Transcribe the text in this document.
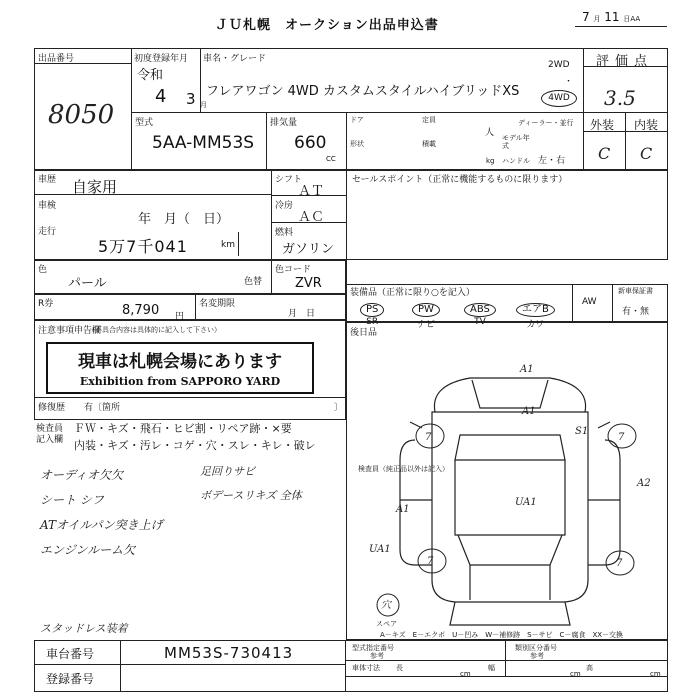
ＪＵ札幌　オークション出品申込書
7 月 11 日AA
出品番号
8050
初度登録年月
令和
4 3 月
車名・グレード
フレアワゴン 4WD カスタムスタイルハイブリッドXS
2WD
・
4WD
評価点
3.5
外装 内装
C C
型式
5AA-MM53S
排気量
660
CC
ドア	定員
人
形状	積載
kg
ディーラー・並行
モデル年式
ハンドル 左・右
車歴 自家用
車検
年　月（　日）
走行
5万7千041	km
シフト
ＡＴ
冷房
ＡＣ
燃料
ガソリン
セールスポイント（正常に機能するものに限ります）
色
パール	色替
色コード
ZVR
R券	8,790 円
名変期限
月　日
装備品（正常に限り○を記入）
PS
SR
PW
ナビ
ABS
TV
エアB
カワ
AW
新車保証書
有・無
注意事項申告欄
（不具合内容は具体的に記入して下さい）
現車は札幌会場にあります
Exhibition from SAPPORO YARD
修復歴 有〔箇所	〕
後日品
検査員（純正品以外は記入）
検査員
記入欄
ＦＷ・キズ・飛石・ヒビ割・リペア跡・×要
内装・キズ・汚レ・コゲ・穴・スレ・キレ・破レ
オーディオ欠欠
シート シフ
ATオイルパン突き上げ
エンジンルーム欠
足回りサビ
ボデースリキズ 全体
スタッドレス装着
A1
A1
S1
7	7
A2
A1
UA1
UA1
7	7
穴
スペア
A－キズ　E－エクボ　U－凹み　W－補修跡　S－サビ　C－腐食　XX－交換
車台番号	MM53S-730413
登録番号
型式指定番号
参考
類別区分番号
参考
車体寸法 長
cm
幅
cm
高
cm
